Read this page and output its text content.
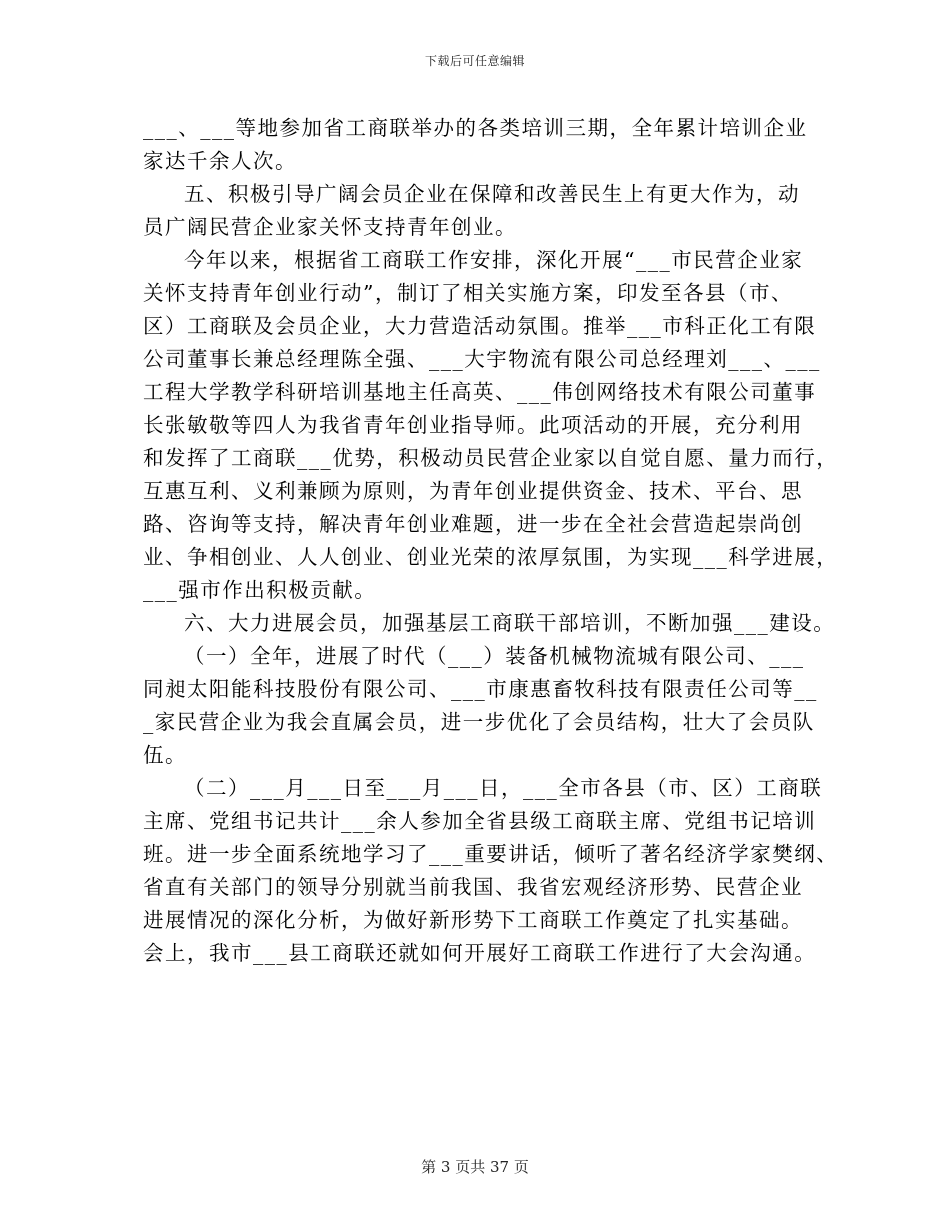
下载后可任意编辑
___、___等地参加省工商联举办的各类培训三期，全年累计培训企业
家达千余人次。
五、积极引导广阔会员企业在保障和改善民生上有更大作为，动
员广阔民营企业家关怀支持青年创业。
今年以来，根据省工商联工作安排，深化开展“___市民营企业家
关怀支持青年创业行动”，制订了相关实施方案，印发至各县（市、
区）工商联及会员企业，大力营造活动氛围。推举___市科正化工有限
公司董事长兼总经理陈全强、___大宇物流有限公司总经理刘___、___
工程大学教学科研培训基地主任高英、___伟创网络技术有限公司董事
长张敏敬等四人为我省青年创业指导师。此项活动的开展，充分利用
和发挥了工商联___优势，积极动员民营企业家以自觉自愿、量力而行，
互惠互利、义利兼顾为原则，为青年创业提供资金、技术、平台、思
路、咨询等支持，解决青年创业难题，进一步在全社会营造起崇尚创
业、争相创业、人人创业、创业光荣的浓厚氛围，为实现___科学进展，
___强市作出积极贡献。
六、大力进展会员，加强基层工商联干部培训，不断加强___建设。
（一）全年，进展了时代（___）装备机械物流城有限公司、___
同昶太阳能科技股份有限公司、___市康惠畜牧科技有限责任公司等__
_家民营企业为我会直属会员，进一步优化了会员结构，壮大了会员队
伍。
（二）___月___日至___月___日，___全市各县（市、区）工商联
主席、党组书记共计___余人参加全省县级工商联主席、党组书记培训
班。进一步全面系统地学习了___重要讲话，倾听了著名经济学家樊纲、
省直有关部门的领导分别就当前我国、我省宏观经济形势、民营企业
进展情况的深化分析，为做好新形势下工商联工作奠定了扎实基础。
会上，我市___县工商联还就如何开展好工商联工作进行了大会沟通。
第 3 页共 37 页
